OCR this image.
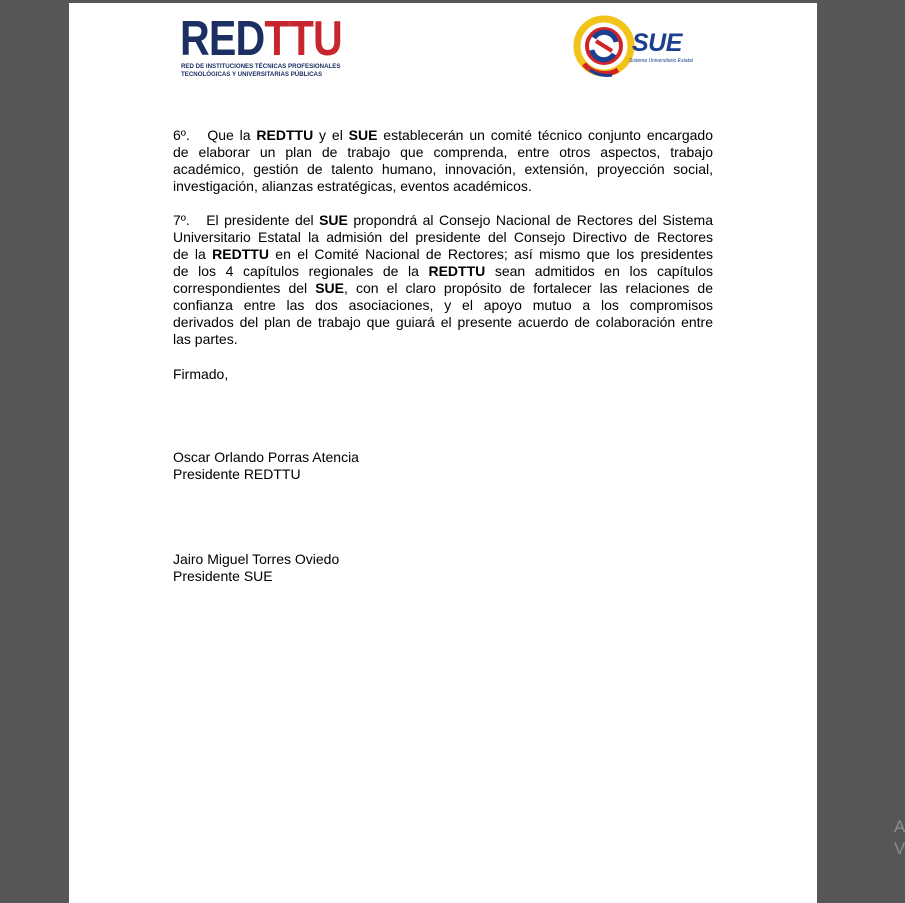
REDTTU
RED DE INSTITUCIONES TÉCNICAS PROFESIONALES
TECNOLÓGICAS Y UNIVERSITARIAS PÚBLICAS
SUE
Sistema Universitario Estatal
6º.   Que la REDTTU y el SUE establecerán un comité técnico conjunto encargado
de elaborar un plan de trabajo que comprenda, entre otros aspectos, trabajo
académico, gestión de talento humano, innovación, extensión, proyección social,
investigación, alianzas estratégicas, eventos académicos.
7º.   El presidente del SUE propondrá al Consejo Nacional de Rectores del Sistema
Universitario Estatal la admisión del presidente del Consejo Directivo de Rectores
de la REDTTU en el Comité Nacional de Rectores; así mismo que los presidentes
de los 4 capítulos regionales de la REDTTU sean admitidos en los capítulos
correspondientes del SUE, con el claro propósito de fortalecer las relaciones de
confianza entre las dos asociaciones, y el apoyo mutuo a los compromisos
derivados del plan de trabajo que guiará el presente acuerdo de colaboración entre
las partes.
Firmado,
Oscar Orlando Porras Atencia
Presidente REDTTU
Jairo Miguel Torres Oviedo
Presidente SUE
A
V
